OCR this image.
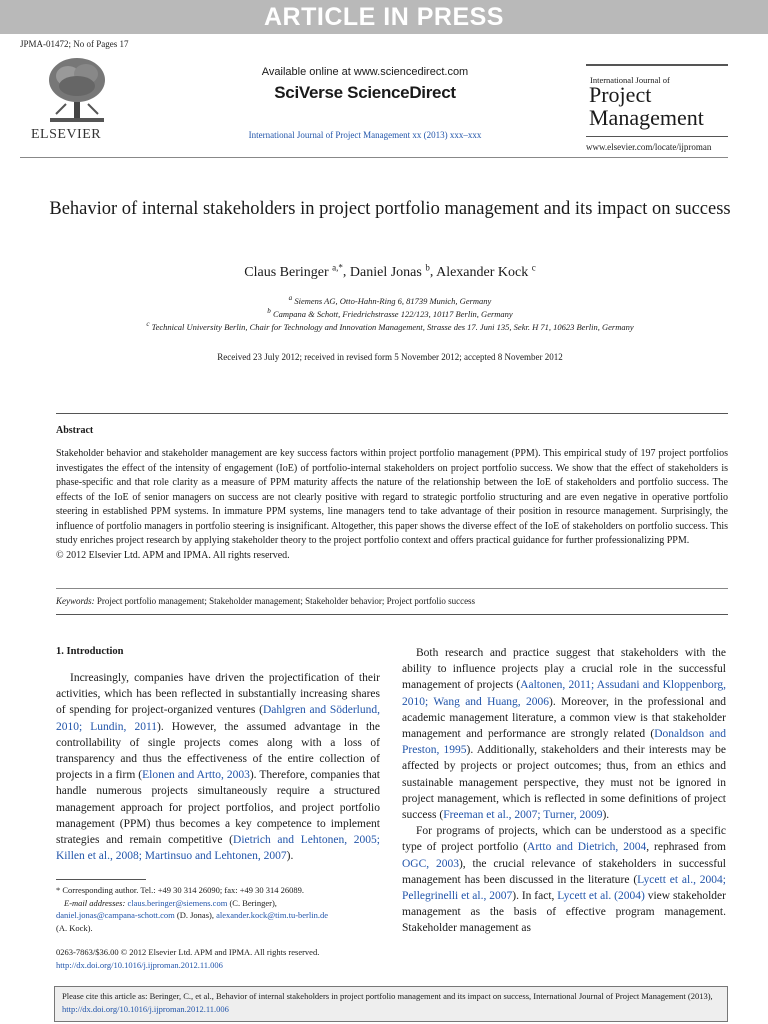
ARTICLE IN PRESS
JPMA-01472; No of Pages 17
ELSEVIER
Available online at www.sciencedirect.com
SciVerse ScienceDirect
International Journal of Project Management xx (2013) xxx–xxx
International Journal of
Project
Management
www.elsevier.com/locate/ijproman
Behavior of internal stakeholders in project portfolio management and its impact on success
Claus Beringer $^{a,*}$, Daniel Jonas $^b$, Alexander Kock $^c$
$^a$ Siemens AG, Otto-Hahn-Ring 6, 81739 Munich, Germany
$^b$ Campana & Schott, Friedrichstrasse 122/123, 10117 Berlin, Germany
$^c$ Technical University Berlin, Chair for Technology and Innovation Management, Strasse des 17. Juni 135, Sekr. H 71, 10623 Berlin, Germany
Received 23 July 2012; received in revised form 5 November 2012; accepted 8 November 2012
Abstract
Stakeholder behavior and stakeholder management are key success factors within project portfolio management (PPM). This empirical study of 197 project portfolios investigates the effect of the intensity of engagement (IoE) of portfolio-internal stakeholders on project portfolio success. We show that the effect of stakeholders is phase-specific and that role clarity as a measure of PPM maturity affects the nature of the relationship between the IoE of stakeholders and portfolio success. The effects of the IoE of senior managers on success are not clearly positive with regard to strategic portfolio structuring and are even negative in operative portfolio steering in established PPM systems. In immature PPM systems, line managers tend to take advantage of their position in resource management. Surprisingly, the influence of portfolio managers in portfolio steering is insignificant. Altogether, this paper shows the diverse effect of the IoE of stakeholders on portfolio success. This study enriches project research by applying stakeholder theory to the project portfolio context and offers practical guidance for further professionalizing PPM.
© 2012 Elsevier Ltd. APM and IPMA. All rights reserved.
Keywords: Project portfolio management; Stakeholder management; Stakeholder behavior; Project portfolio success
1. Introduction

Increasingly, companies have driven the projectification of their activities, which has been reflected in substantially increasing shares of spending for project-organized ventures (Dahlgren and Söderlund, 2010; Lundin, 2011). However, the assumed advantage in the controllability of single projects comes along with a loss of transparency and thus the effectiveness of the entire collection of projects in a firm (Elonen and Artto, 2003). Therefore, companies that handle numerous projects simultaneously require a structured management approach for project portfolios, and project portfolio management (PPM) thus becomes a key competence to implement strategies and remain competitive (Dietrich and Lehtonen, 2005; Killen et al., 2008; Martinsuo and Lehtonen, 2007).

Both research and practice suggest that stakeholders with the ability to influence projects play a crucial role in the successful management of projects (Aaltonen, 2011; Assudani and Kloppenborg, 2010; Wang and Huang, 2006). Moreover, in the professional and academic management literature, a common view is that stakeholder management and performance are strongly related (Donaldson and Preston, 1995). Additionally, stakeholders and their interests may be affected by projects or project outcomes; thus, from an ethics and sustainable management perspective, they must not be ignored in project management, which is reflected in some definitions of project success (Freeman et al., 2007; Turner, 2009).

For programs of projects, which can be understood as a specific type of project portfolio (Artto and Dietrich, 2004, rephrased from OGC, 2003), the crucial relevance of stakeholders in successful management has been discussed in the literature (Lycett et al., 2004; Pellegrinelli et al., 2007). In fact, Lycett et al. (2004) view stakeholder management as the basis of effective program management. Stakeholder management as

* Corresponding author. Tel.: +49 30 314 26090; fax: +49 30 314 26089.
E-mail addresses: claus.beringer@siemens.com (C. Beringer),
daniel.jonas@campana-schott.com (D. Jonas), alexander.kock@tim.tu-berlin.de
(A. Kock).
0263-7863/$36.00 © 2012 Elsevier Ltd. APM and IPMA. All rights reserved.
http://dx.doi.org/10.1016/j.ijproman.2012.11.006
Please cite this article as: Beringer, C., et al., Behavior of internal stakeholders in project portfolio management and its impact on success, International Journal of Project Management (2013), http://dx.doi.org/10.1016/j.ijproman.2012.11.006
